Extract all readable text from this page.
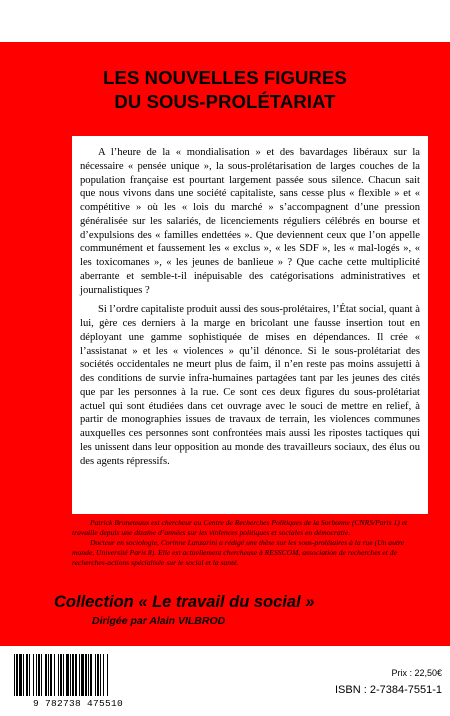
LES NOUVELLES FIGURES
DU SOUS-PROLÉTARIAT

A l’heure de la « mondialisation » et des bavardages libéraux sur la nécessaire « pensée unique », la sous-prolétarisation de larges couches de la population française est pourtant largement passée sous silence. Chacun sait que nous vivons dans une société capitaliste, sans cesse plus « flexible » et « compétitive » où les « lois du marché » s’accompagnent d’une pression généralisée sur les salariés, de licenciements réguliers célébrés en bourse et d’expulsions des « familles endettées ». Que deviennent ceux que l’on appelle communément et faussement les « exclus », « les SDF », les « mal-logés », « les toxicomanes », « les jeunes de banlieue » ? Que cache cette multiplicité aberrante et semble-t-il inépuisable des catégorisations administratives et journalistiques ?

Si l’ordre capitaliste produit aussi des sous-prolétaires, l’État social, quant à lui, gère ces derniers à la marge en bricolant une fausse insertion tout en déployant une gamme sophistiquée de mises en dépendances. Il crée « l’assistanat » et les « violences » qu’il dénonce. Si le sous-prolétariat des sociétés occidentales ne meurt plus de faim, il n’en reste pas moins assujetti à des conditions de survie infra-humaines partagées tant par les jeunes des cités que par les personnes à la rue. Ce sont ces deux figures du sous-prolétariat actuel qui sont étudiées dans cet ouvrage avec le souci de mettre en relief, à partir de monographies issues de travaux de terrain, les violences communes auxquelles ces personnes sont confrontées mais aussi les ripostes tactiques qui les unissent dans leur opposition au monde des travailleurs sociaux, des élus ou des agents répressifs.

Patrick Bruneteaux est chercheur au Centre de Recherches Politiques de la Sorbonne (CNRS/Paris 1) et travaille depuis une dizaine d’années sur les violences politiques et sociales en démocratie.

Docteur en sociologie, Corinne Lanzarini a rédigé une thèse sur les sous-prolétaires à la rue (Un autre monde, Université Paris 8). Elle est actuellement chercheuse à RESSCOM, association de recherches et de recherches-actions spécialisée sur le social et la santé.

Collection « Le travail du social »
Dirigée par Alain VILBROD
9 782738 475510
Prix : 22,50€
ISBN : 2-7384-7551-1
